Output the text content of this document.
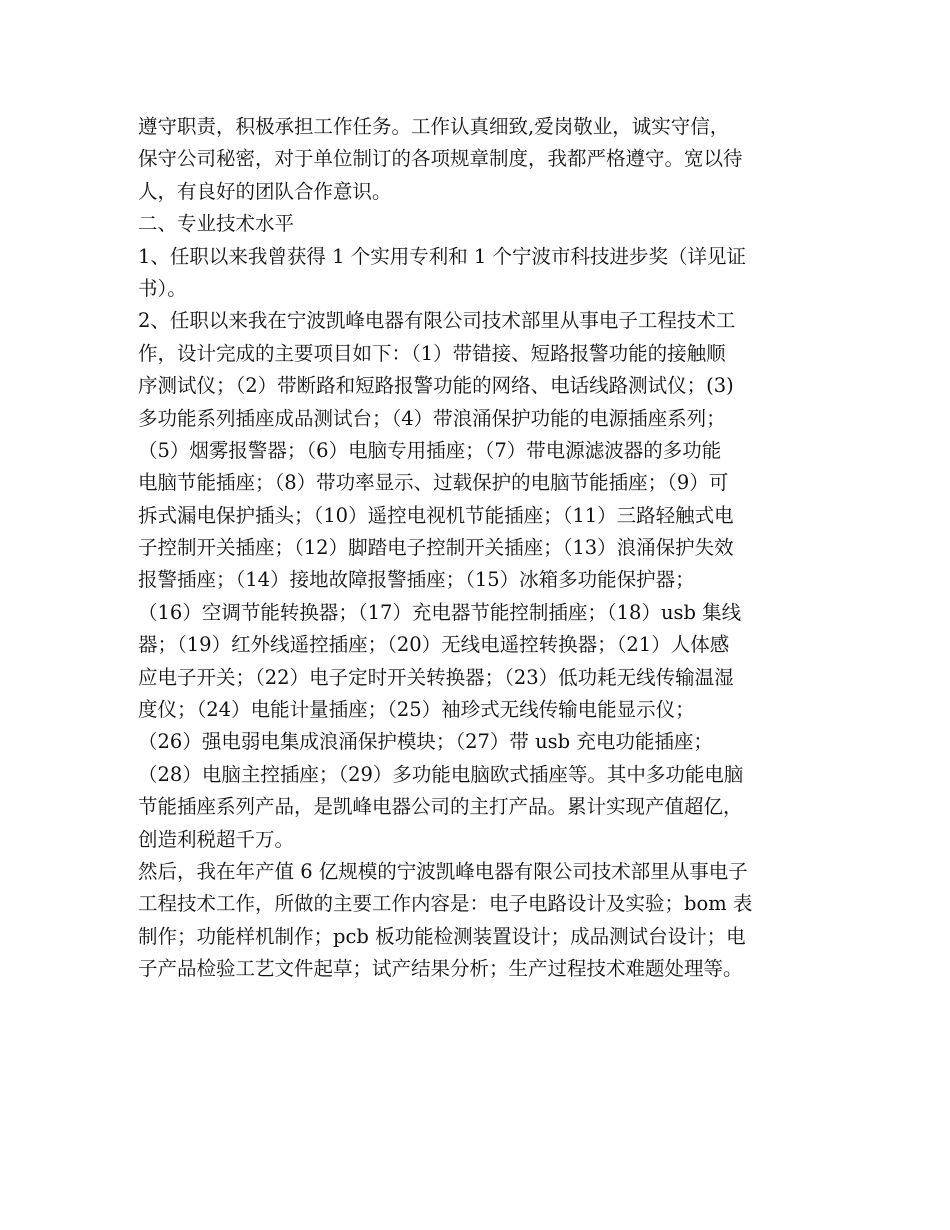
遵守职责，积极承担工作任务。工作认真细致,爱岗敬业，诚实守信，
保守公司秘密，对于单位制订的各项规章制度，我都严格遵守。宽以待
人，有良好的团队合作意识。
二、专业技术水平
1、任职以来我曾获得 1 个实用专利和 1 个宁波市科技进步奖（详见证
书）。
2、任职以来我在宁波凯峰电器有限公司技术部里从事电子工程技术工
作，设计完成的主要项目如下：（1）带错接、短路报警功能的接触顺
序测试仪；（2）带断路和短路报警功能的网络、电话线路测试仪；(3)
多功能系列插座成品测试台；（4）带浪涌保护功能的电源插座系列；
（5）烟雾报警器；（6）电脑专用插座；（7）带电源滤波器的多功能
电脑节能插座；（8）带功率显示、过载保护的电脑节能插座；（9）可
拆式漏电保护插头；（10）遥控电视机节能插座；（11）三路轻触式电
子控制开关插座；（12）脚踏电子控制开关插座；（13）浪涌保护失效
报警插座；（14）接地故障报警插座；（15）冰箱多功能保护器；
（16）空调节能转换器；（17）充电器节能控制插座；（18）usb 集线
器；（19）红外线遥控插座；（20）无线电遥控转换器；（21）人体感
应电子开关；（22）电子定时开关转换器；（23）低功耗无线传输温湿
度仪；（24）电能计量插座；（25）袖珍式无线传输电能显示仪；
（26）强电弱电集成浪涌保护模块；（27）带 usb 充电功能插座；
（28）电脑主控插座；（29）多功能电脑欧式插座等。其中多功能电脑
节能插座系列产品，是凯峰电器公司的主打产品。累计实现产值超亿，
创造利税超千万。
然后，我在年产值 6 亿规模的宁波凯峰电器有限公司技术部里从事电子
工程技术工作，所做的主要工作内容是：电子电路设计及实验；bom 表
制作；功能样机制作；pcb 板功能检测装置设计；成品测试台设计；电
子产品检验工艺文件起草；试产结果分析；生产过程技术难题处理等。
